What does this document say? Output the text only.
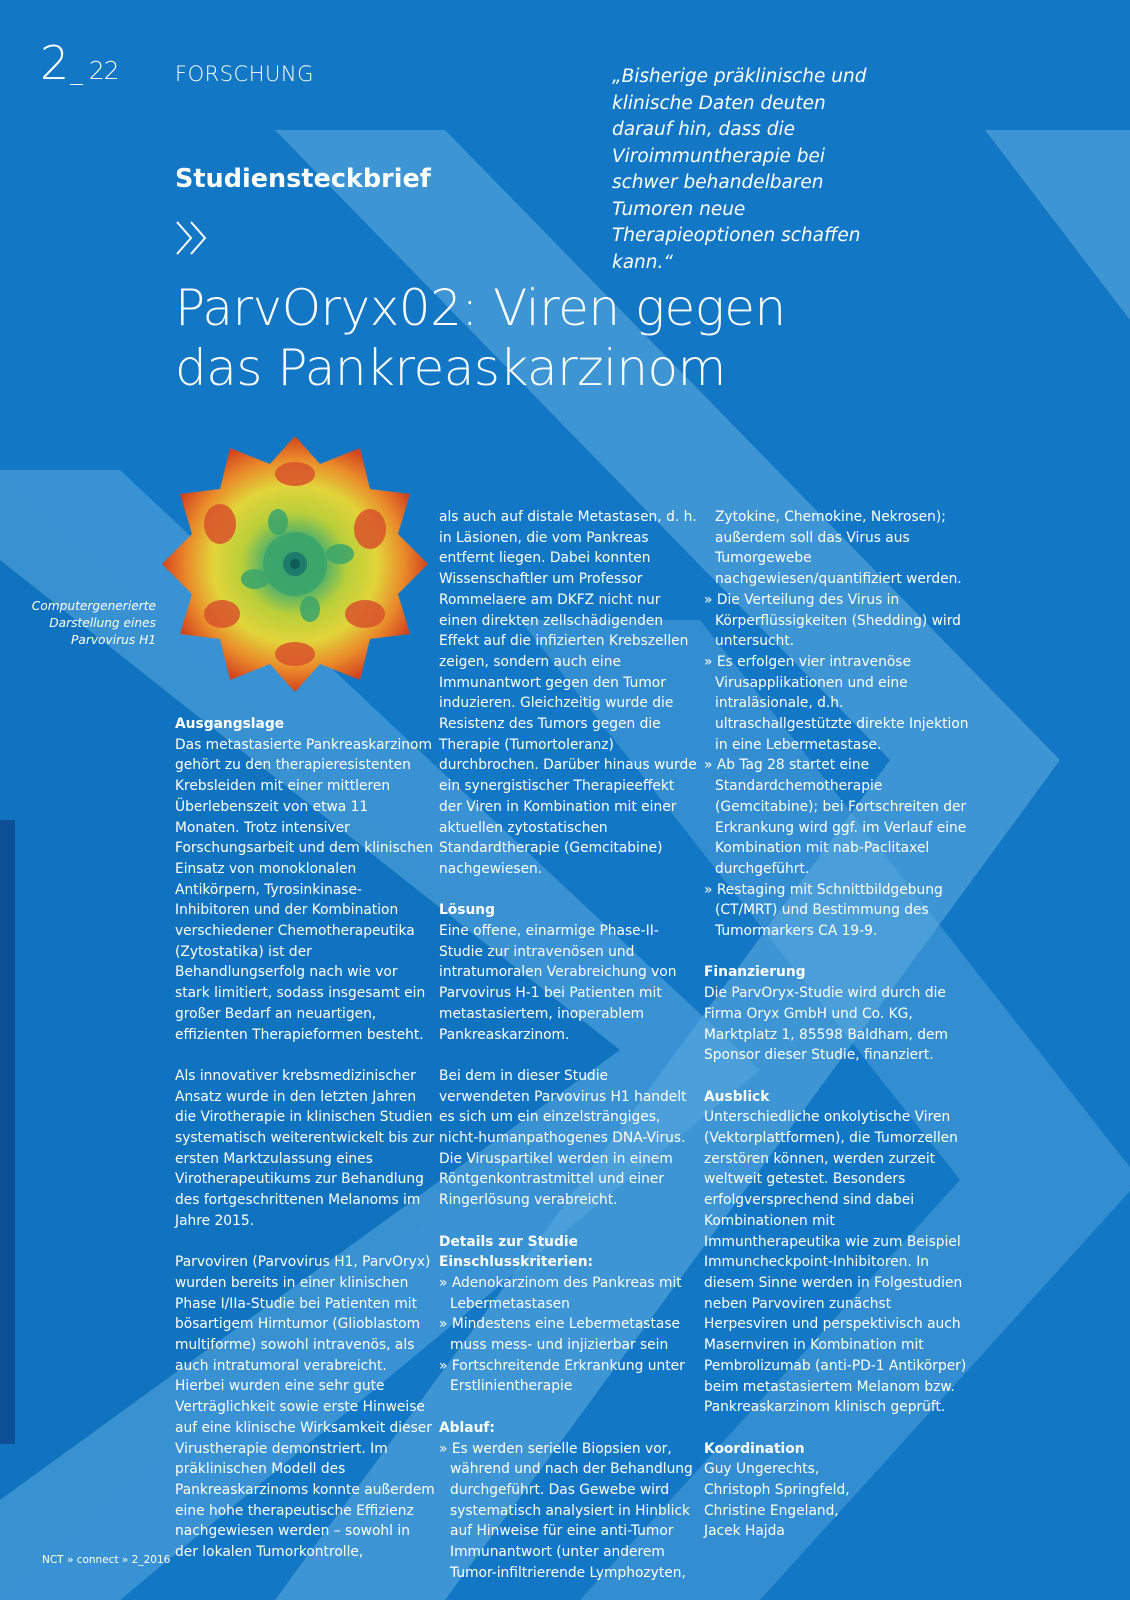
2_ 22	FORSCHUNG	„Bisherige präklinische und klinische Daten deuten darauf hin, dass die Viroimmuntherapie bei schwer behandelbaren Tumoren neue Therapieoptionen schaffen kann.“
Studiensteckbrief
ParvOryx02: Viren gegen
das Pankreaskarzinom
Computergenerierte Darstellung eines Parvovirus H1
Ausgangslage

Das metastasierte Pankreaskarzinom gehört zu den therapieresistenten Krebsleiden mit einer mittleren Überlebenszeit von etwa 11 Monaten. Trotz intensiver Forschungsarbeit und dem klinischen Einsatz von monoklonalen Antikörpern, Tyrosinkinase-Inhibitoren und der Kombination verschiedener Chemotherapeutika (Zytostatika) ist der Behandlungserfolg nach wie vor stark limitiert, sodass insgesamt ein großer Bedarf an neuartigen, effizienten Therapieformen besteht.

Als innovativer krebsmedizinischer Ansatz wurde in den letzten Jahren die Virotherapie in klinischen Studien systematisch weiterentwickelt bis zur ersten Marktzulassung eines Virotherapeutikums zur Behandlung des fortgeschrittenen Melanoms im Jahre 2015.

Parvoviren (Parvovirus H1, ParvOryx) wurden bereits in einer klinischen Phase I/IIa-Studie bei Patienten mit bösartigem Hirntumor (Glioblastom multiforme) sowohl intravenös, als auch intratumoral verabreicht. Hierbei wurden eine sehr gute Verträglichkeit sowie erste Hinweise auf eine klinische Wirksamkeit dieser Virustherapie demonstriert. Im präklinischen Modell des Pankreaskarzinoms konnte außerdem eine hohe therapeutische Effizienz nachgewiesen werden – sowohl in der lokalen Tumorkontrolle,

als auch auf distale Metastasen, d. h. in Läsionen, die vom Pankreas entfernt liegen. Dabei konnten Wissenschaftler um Professor Rommelaere am DKFZ nicht nur einen direkten zellschädigenden Effekt auf die infizierten Krebszellen zeigen, sondern auch eine Immunantwort gegen den Tumor induzieren. Gleichzeitig wurde die Resistenz des Tumors gegen die Therapie (Tumortoleranz) durchbrochen. Darüber hinaus wurde ein synergistischer Therapieeffekt der Viren in Kombination mit einer aktuellen zytostatischen Standardtherapie (Gemcitabine) nachgewiesen.

Lösung

Eine offene, einarmige Phase-II-Studie zur intravenösen und intratumoralen Verabreichung von Parvovirus H-1 bei Patienten mit metastasiertem, inoperablem Pankreaskarzinom.

Bei dem in dieser Studie verwendeten Parvovirus H1 handelt es sich um ein einzelsträngiges, nicht-humanpathogenes DNA-Virus. Die Viruspartikel werden in einem Röntgenkontrastmittel und einer Ringerlösung verabreicht.

Details zur Studie
Einschlusskriterien:
» Adenokarzinom des Pankreas mit Lebermetastasen
» Mindestens eine Lebermetastase muss mess- und injizierbar sein
» Fortschreitende Erkrankung unter Erstlinientherapie
Ablauf:
» Es werden serielle Biopsien vor, während und nach der Behandlung durchgeführt. Das Gewebe wird systematisch analysiert in Hinblick auf Hinweise für eine anti-Tumor Immunantwort (unter anderem Tumor-infiltrierende Lymphozyten,

Zytokine, Chemokine, Nekrosen); außerdem soll das Virus aus Tumorgewebe nachgewiesen/quantifiziert werden.

» Die Verteilung des Virus in Körperflüssigkeiten (Shedding) wird untersucht.
» Es erfolgen vier intravenöse Virusapplikationen und eine intraläsionale, d.h. ultraschallgestützte direkte Injektion in eine Lebermetastase.
» Ab Tag 28 startet eine Standardchemotherapie (Gemcitabine); bei Fortschreiten der Erkrankung wird ggf. im Verlauf eine Kombination mit nab-Paclitaxel durchgeführt.
» Restaging mit Schnittbildgebung (CT/MRT) und Bestimmung des Tumormarkers CA 19-9.
Finanzierung

Die ParvOryx-Studie wird durch die Firma Oryx GmbH und Co. KG, Marktplatz 1, 85598 Baldham, dem Sponsor dieser Studie, finanziert.

Ausblick

Unterschiedliche onkolytische Viren (Vektorplattformen), die Tumorzellen zerstören können, werden zurzeit weltweit getestet. Besonders erfolgversprechend sind dabei Kombinationen mit Immuntherapeutika wie zum Beispiel Immuncheckpoint-Inhibitoren. In diesem Sinne werden in Folgestudien neben Parvoviren zunächst Herpesviren und perspektivisch auch Masernviren in Kombination mit Pembrolizumab (anti-PD-1 Antikörper) beim metastasiertem Melanom bzw. Pankreaskarzinom klinisch geprüft.

Koordination
Guy Ungerechts,
Christoph Springfeld,
Christine Engeland,
Jacek Hajda
NCT » connect » 2_2016
